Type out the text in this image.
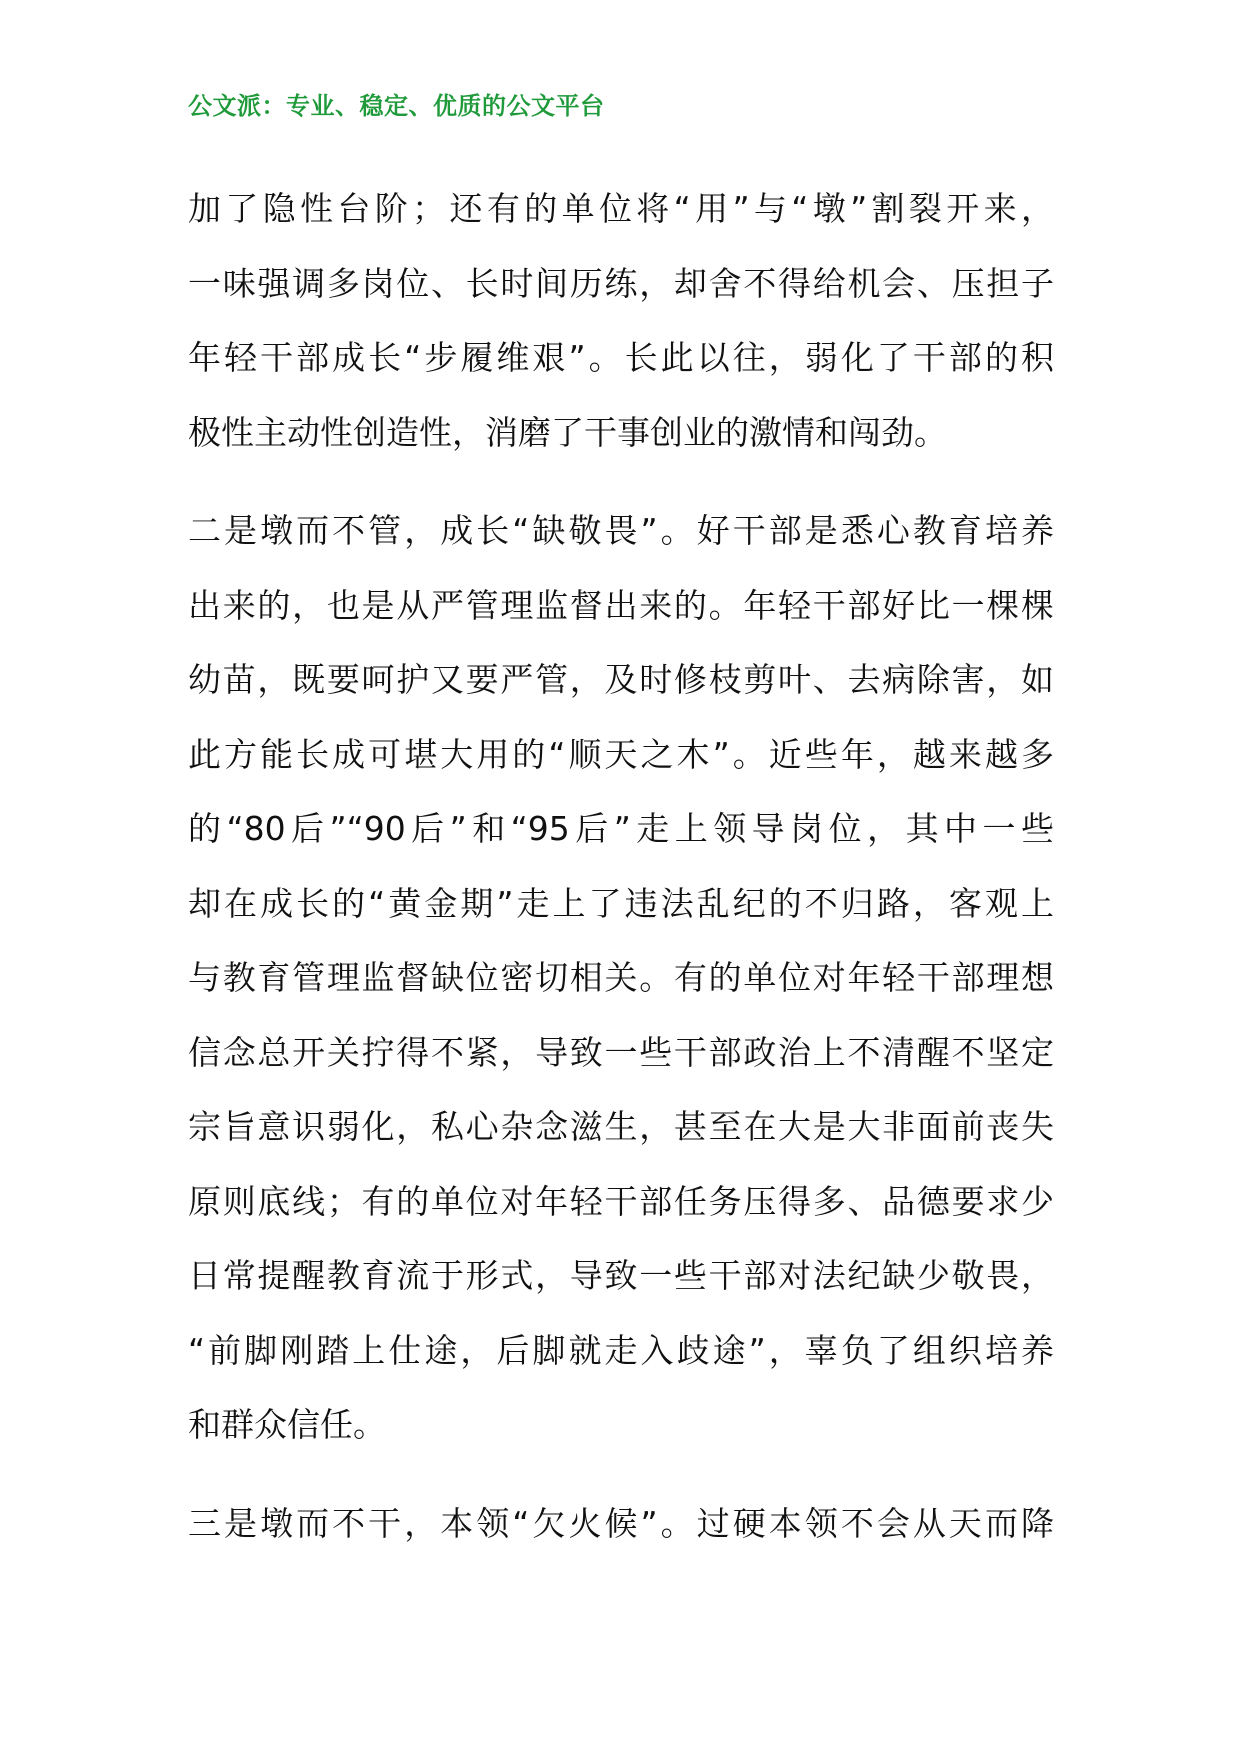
公文派：专业、稳定、优质的公文平台
加了隐性台阶；还有的单位将“用”与“墩”割裂开来，
一味强调多岗位、长时间历练，却舍不得给机会、压担子
年轻干部成长“步履维艰”。长此以往，弱化了干部的积
极性主动性创造性，消磨了干事创业的激情和闯劲。
二是墩而不管，成长“缺敬畏”。好干部是悉心教育培养
出来的，也是从严管理监督出来的。年轻干部好比一棵棵
幼苗，既要呵护又要严管，及时修枝剪叶、去病除害，如
此方能长成可堪大用的“顺天之木”。近些年，越来越多
的“80后”“90后”和“95后”走上领导岗位，其中一些
却在成长的“黄金期”走上了违法乱纪的不归路，客观上
与教育管理监督缺位密切相关。有的单位对年轻干部理想
信念总开关拧得不紧，导致一些干部政治上不清醒不坚定
宗旨意识弱化，私心杂念滋生，甚至在大是大非面前丧失
原则底线；有的单位对年轻干部任务压得多、品德要求少
日常提醒教育流于形式，导致一些干部对法纪缺少敬畏，
“前脚刚踏上仕途，后脚就走入歧途”，辜负了组织培养
和群众信任。
三是墩而不干，本领“欠火候”。过硬本领不会从天而降
